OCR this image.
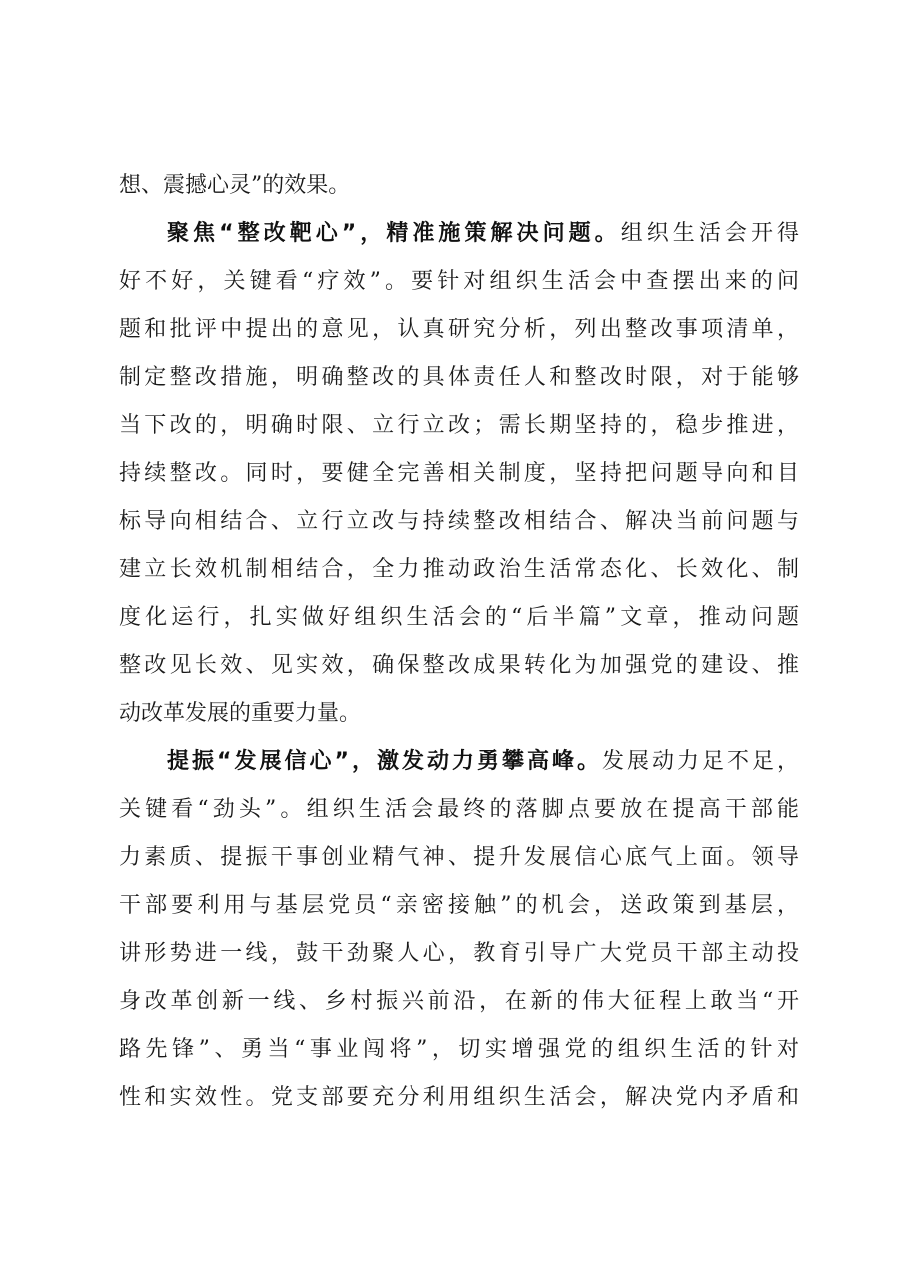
想、震撼心灵”的效果。
聚焦“整改靶心”，精准施策解决问题。组织生活会开得
好不好，关键看“疗效”。要针对组织生活会中查摆出来的问
题和批评中提出的意见，认真研究分析，列出整改事项清单，
制定整改措施，明确整改的具体责任人和整改时限，对于能够
当下改的，明确时限、立行立改；需长期坚持的，稳步推进，
持续整改。同时，要健全完善相关制度，坚持把问题导向和目
标导向相结合、立行立改与持续整改相结合、解决当前问题与
建立长效机制相结合，全力推动政治生活常态化、长效化、制
度化运行，扎实做好组织生活会的“后半篇”文章，推动问题
整改见长效、见实效，确保整改成果转化为加强党的建设、推
动改革发展的重要力量。
提振“发展信心”，激发动力勇攀高峰。发展动力足不足，
关键看“劲头”。组织生活会最终的落脚点要放在提高干部能
力素质、提振干事创业精气神、提升发展信心底气上面。领导
干部要利用与基层党员“亲密接触”的机会，送政策到基层，
讲形势进一线，鼓干劲聚人心，教育引导广大党员干部主动投
身改革创新一线、乡村振兴前沿，在新的伟大征程上敢当“开
路先锋”、勇当“事业闯将”，切实增强党的组织生活的针对
性和实效性。党支部要充分利用组织生活会，解决党内矛盾和
